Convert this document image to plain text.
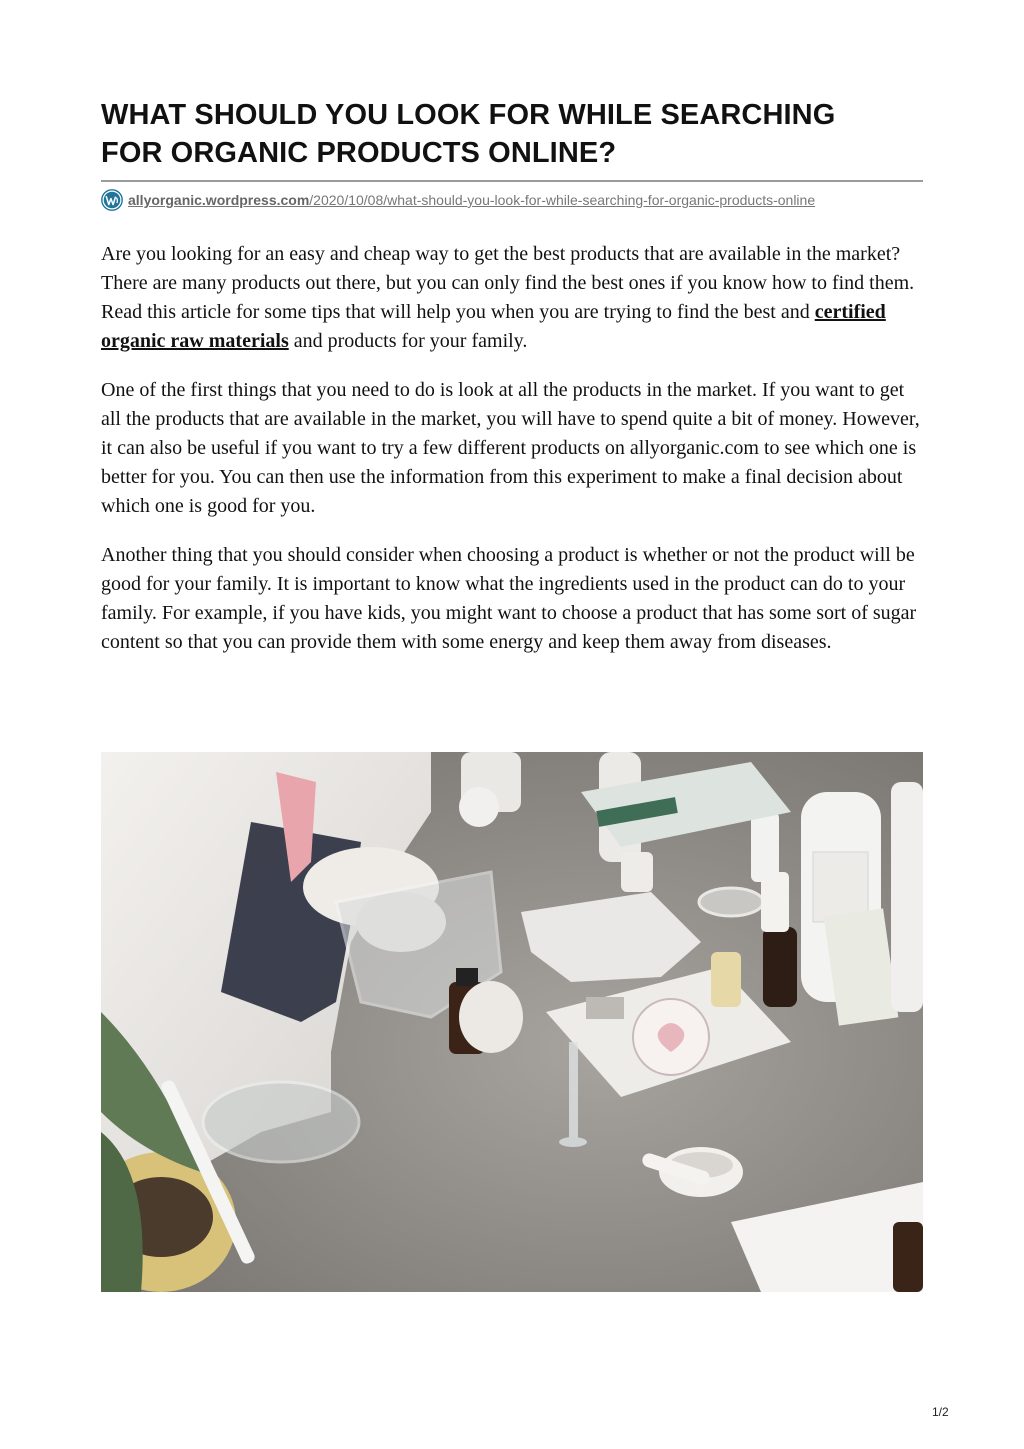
WHAT SHOULD YOU LOOK FOR WHILE SEARCHING
FOR ORGANIC PRODUCTS ONLINE?
allyorganic.wordpress.com/2020/10/08/what-should-you-look-for-while-searching-for-organic-products-online

Are you looking for an easy and cheap way to get the best products that are available in the market? There are many products out there, but you can only find the best ones if you know how to find them. Read this article for some tips that will help you when you are trying to find the best and certified organic raw materials and products for your family.

One of the first things that you need to do is look at all the products in the market. If you want to get all the products that are available in the market, you will have to spend quite a bit of money. However, it can also be useful if you want to try a few different products on allyorganic.com to see which one is better for you. You can then use the information from this experiment to make a final decision about which one is good for you.

Another thing that you should consider when choosing a product is whether or not the product will be good for your family. It is important to know what the ingredients used in the product can do to your family. For example, if you have kids, you might want to choose a product that has some sort of sugar content so that you can provide them with some energy and keep them away from diseases.

1/2
